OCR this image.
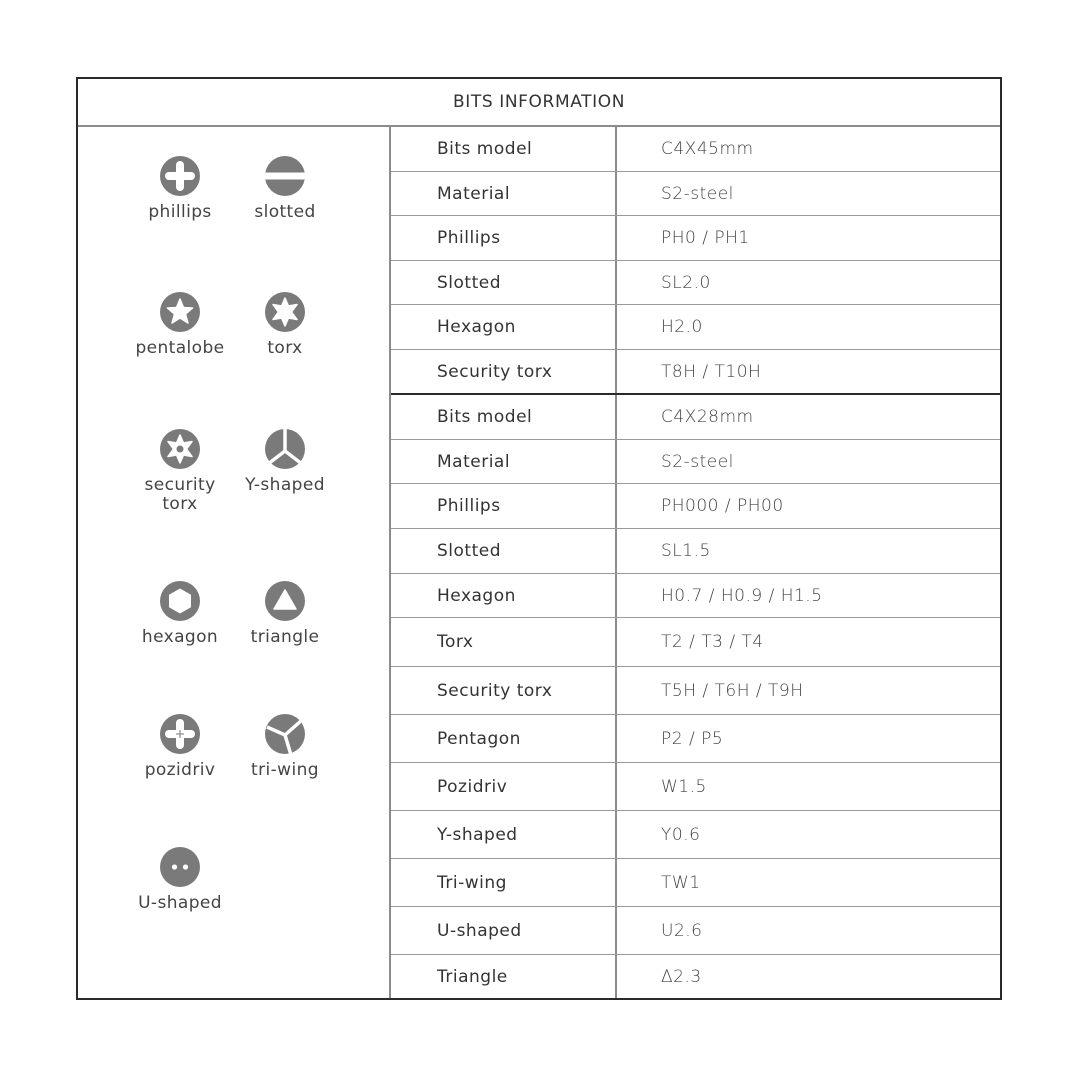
BITS INFORMATION
phillips	slotted
pentalobe	torx
security torx
Y-shaped
hexagon	triangle
pozidriv	tri-wing
U-shaped
Bits model	C4X45mm
Material	S2-steel
Phillips	PH0 / PH1
Slotted	SL2.0
Hexagon	H2.0
Security torx	T8H / T10H
Bits model	C4X28mm
Material	S2-steel
Phillips	PH000 / PH00
Slotted	SL1.5
Hexagon	H0.7 / H0.9 / H1.5
Torx	T2 / T3 / T4
Security torx	T5H / T6H / T9H
Pentagon	P2 / P5
Pozidriv	W1.5
Y-shaped	Y0.6
Tri-wing	TW1
U-shaped	U2.6
Triangle	Δ2.3
